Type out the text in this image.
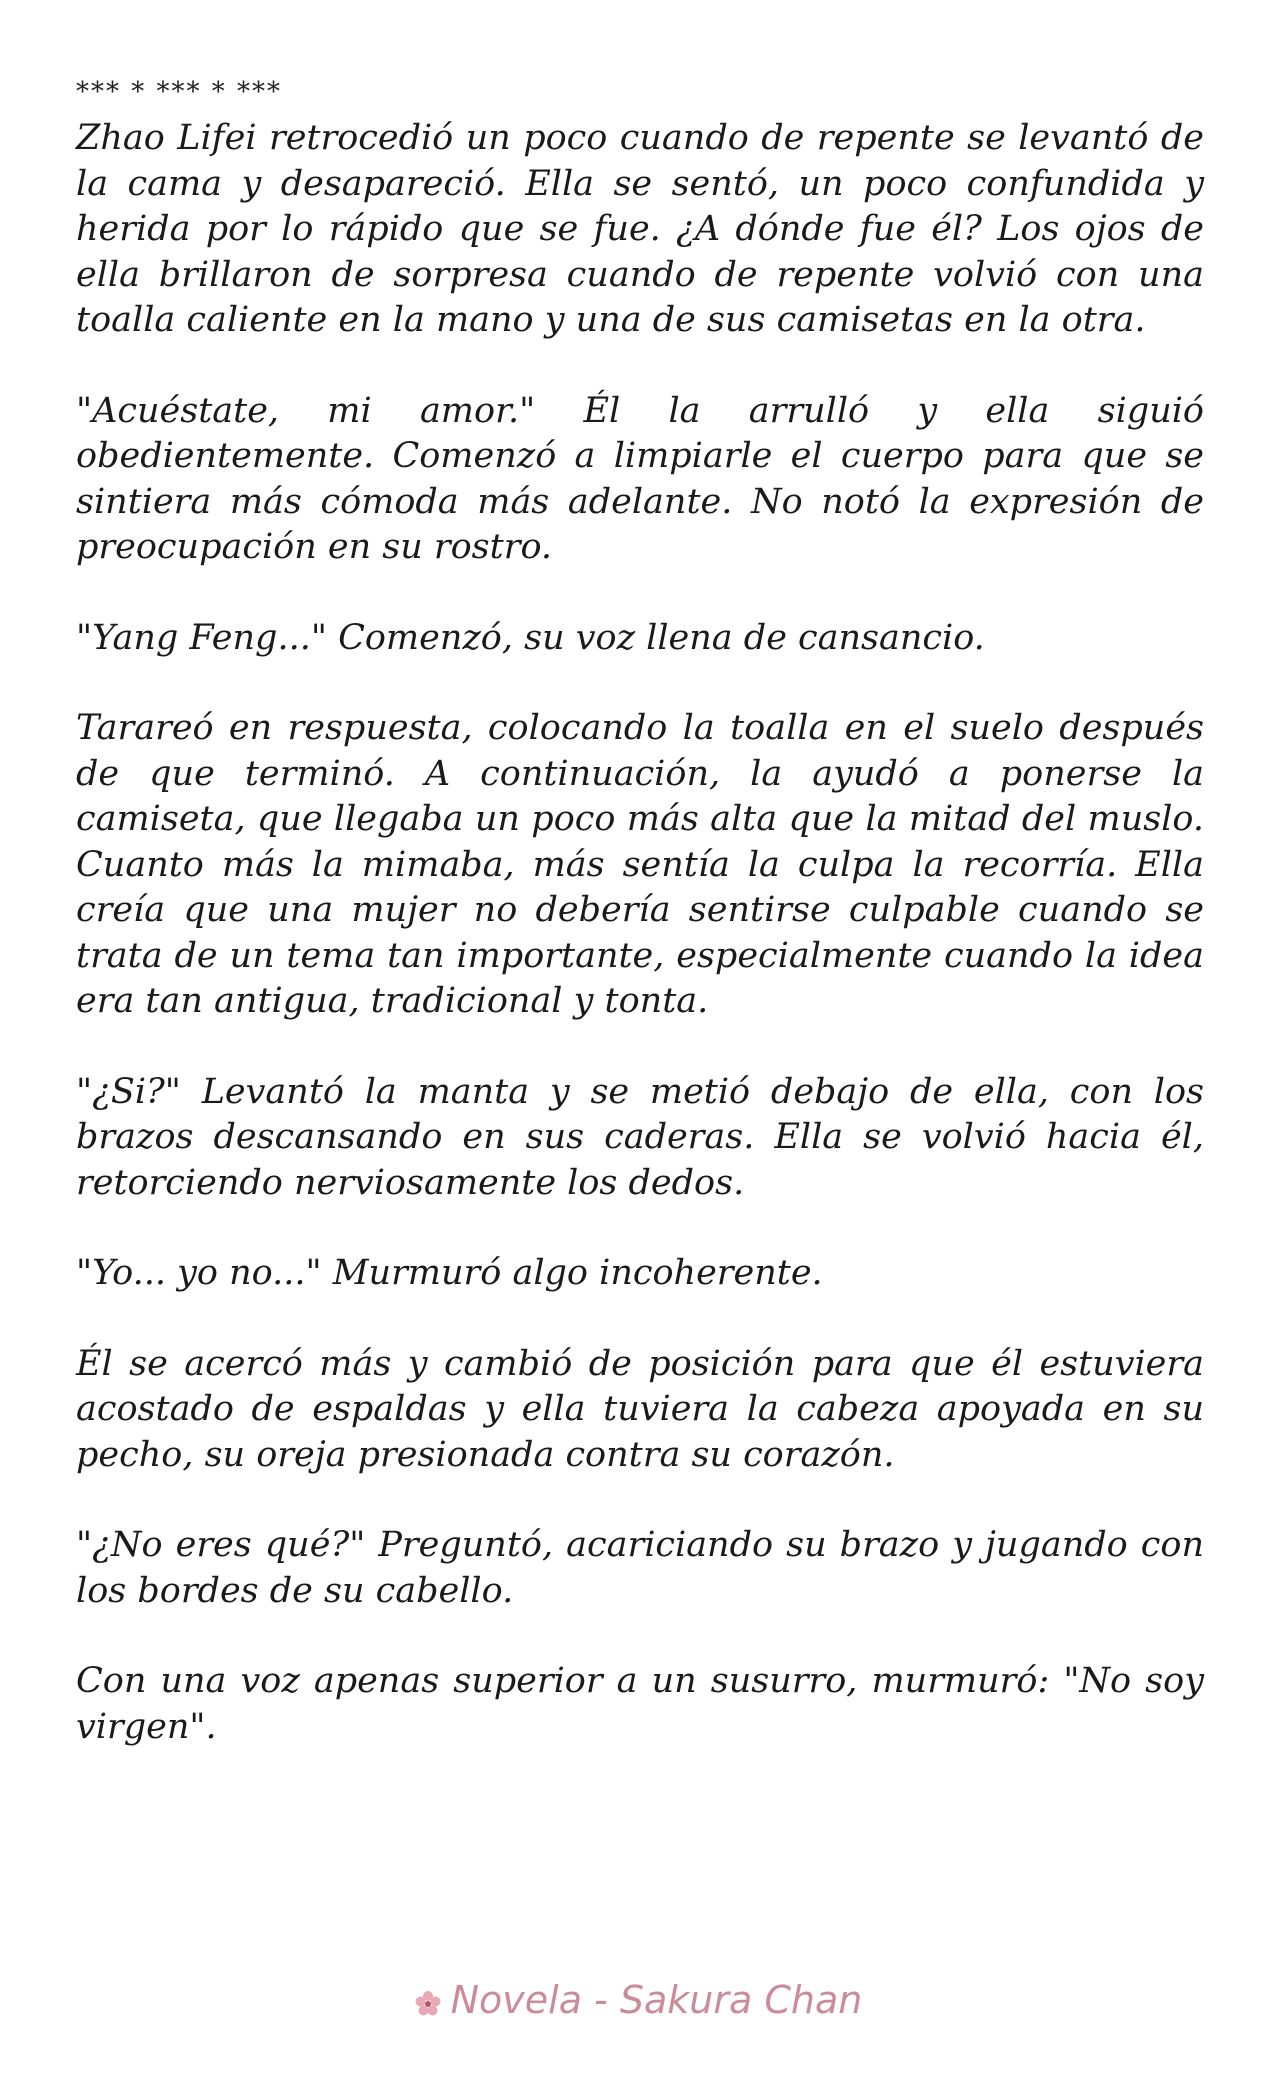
*** * *** * ***

Zhao Lifei retrocedió un poco cuando de repente se levantó de la cama y desapareció. Ella se sentó, un poco confundida y herida por lo rápido que se fue. ¿A dónde fue él? Los ojos de ella brillaron de sorpresa cuando de repente volvió con una toalla caliente en la mano y una de sus camisetas en la otra.

"Acuéstate, mi amor." Él la arrulló y ella siguió obedientemente. Comenzó a limpiarle el cuerpo para que se sintiera más cómoda más adelante. No notó la expresión de preocupación en su rostro.

"Yang Feng..." Comenzó, su voz llena de cansancio.

Tarareó en respuesta, colocando la toalla en el suelo después de que terminó. A continuación, la ayudó a ponerse la camiseta, que llegaba un poco más alta que la mitad del muslo. Cuanto más la mimaba, más sentía la culpa la recorría. Ella creía que una mujer no debería sentirse culpable cuando se trata de un tema tan importante, especialmente cuando la idea era tan antigua, tradicional y tonta.

"¿Si?" Levantó la manta y se metió debajo de ella, con los brazos descansando en sus caderas. Ella se volvió hacia él, retorciendo nerviosamente los dedos.

"Yo... yo no..." Murmuró algo incoherente.

Él se acercó más y cambió de posición para que él estuviera acostado de espaldas y ella tuviera la cabeza apoyada en su pecho, su oreja presionada contra su corazón.

"¿No eres qué?" Preguntó, acariciando su brazo y jugando con los bordes de su cabello.

Con una voz apenas superior a un susurro, murmuró: "No soy virgen".

Novela - Sakura Chan
